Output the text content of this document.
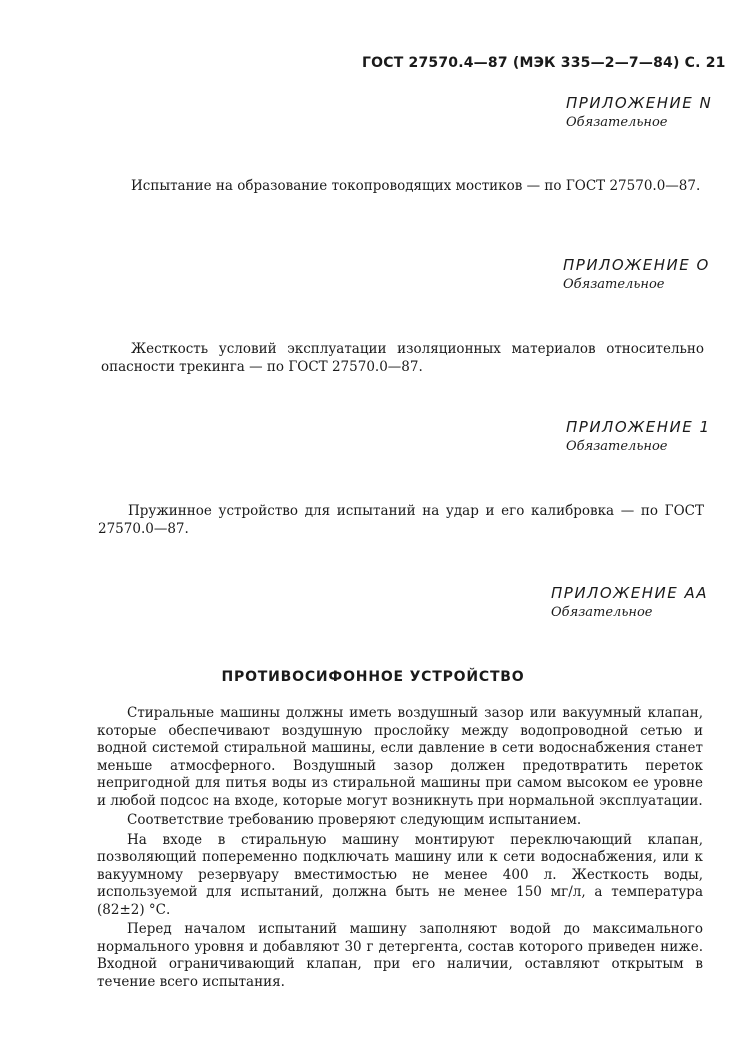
ГОСТ 27570.4—87 (МЭК 335—2—7—84) С. 21
ПРИЛОЖЕНИЕ N
Обязательное

Испытание на образование токопроводящих мостиков — по ГОСТ 27570.0—87.

ПРИЛОЖЕНИЕ О
Обязательное

Жесткость условий эксплуатации изоляционных материалов относительно опасности трекинга — по ГОСТ 27570.0—87.

ПРИЛОЖЕНИЕ 1
Обязательное

Пружинное устройство для испытаний на удар и его калибровка — по ГОСТ 27570.0—87.

ПРИЛОЖЕНИЕ АА
Обязательное
ПРОТИВОСИФОННОЕ УСТРОЙСТВО

Стиральные машины должны иметь воздушный зазор или вакуумный клапан, которые обеспечивают воздушную прослойку между водопроводной сетью и водной системой стиральной машины, если давление в сети водоснабжения станет меньше атмосферного. Воздушный зазор должен предотвратить переток непригодной для питья воды из стиральной машины при самом высоком ее уровне и любой подсос на входе, которые могут возникнуть при нормальной эксплуатации.

Соответствие требованию проверяют следующим испытанием.

На входе в стиральную машину монтируют переключающий клапан, позволяющий попеременно подключать машину или к сети водоснабжения, или к вакуумному резервуару вместимостью не менее 400 л. Жесткость воды, используемой для испытаний, должна быть не менее 150 мг/л, а температура (82±2) °С.

Перед началом испытаний машину заполняют водой до максимального нормального уровня и добавляют 30 г детергента, состав которого приведен ниже. Входной ограничивающий клапан, при его наличии, оставляют открытым в течение всего испытания.
